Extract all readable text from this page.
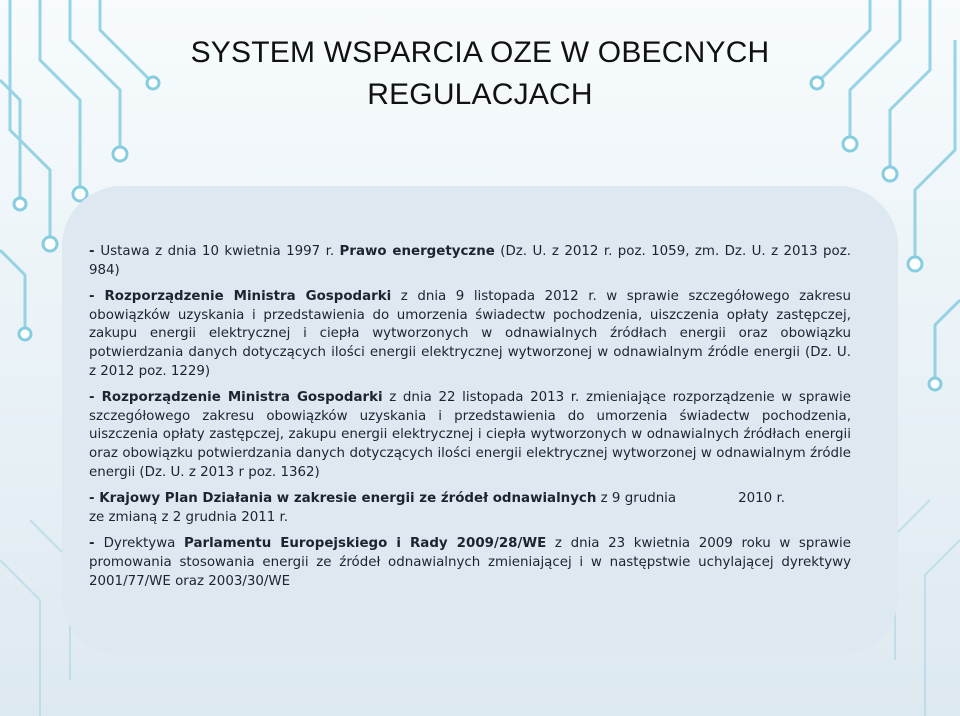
SYSTEM WSPARCIA OZE W OBECNYCH REGULACJACH

- Ustawa z dnia 10 kwietnia 1997 r. Prawo energetyczne (Dz. U. z 2012 r. poz. 1059, zm. Dz. U. z 2013 poz. 984)

- Rozporządzenie Ministra Gospodarki z dnia 9 listopada 2012 r. w sprawie szczegółowego zakresu obowiązków uzyskania i przedstawienia do umorzenia świadectw pochodzenia, uiszczenia opłaty zastępczej, zakupu energii elektrycznej i ciepła wytworzonych w odnawialnych źródłach energii oraz obowiązku potwierdzania danych dotyczących ilości energii elektrycznej wytworzonej w odnawialnym źródle energii (Dz. U. z 2012 poz. 1229)

- Rozporządzenie Ministra Gospodarki z dnia 22 listopada 2013 r. zmieniające rozporządzenie w sprawie szczegółowego zakresu obowiązków uzyskania i przedstawienia do umorzenia świadectw pochodzenia, uiszczenia opłaty zastępczej, zakupu energii elektrycznej i ciepła wytworzonych w odnawialnych źródłach energii oraz obowiązku potwierdzania danych dotyczących ilości energii elektrycznej wytworzonej w odnawialnym źródle energii (Dz. U. z 2013 r poz. 1362)

- Krajowy Plan Działania w zakresie energii ze źródeł odnawialnych z 9 grudnia	2010 r.
ze zmianą z 2 grudnia 2011 r.

- Dyrektywa Parlamentu Europejskiego i Rady 2009/28/WE z dnia 23 kwietnia 2009 roku w sprawie promowania stosowania energii ze źródeł odnawialnych zmieniającej i w następstwie uchylającej dyrektywy 2001/77/WE oraz 2003/30/WE
